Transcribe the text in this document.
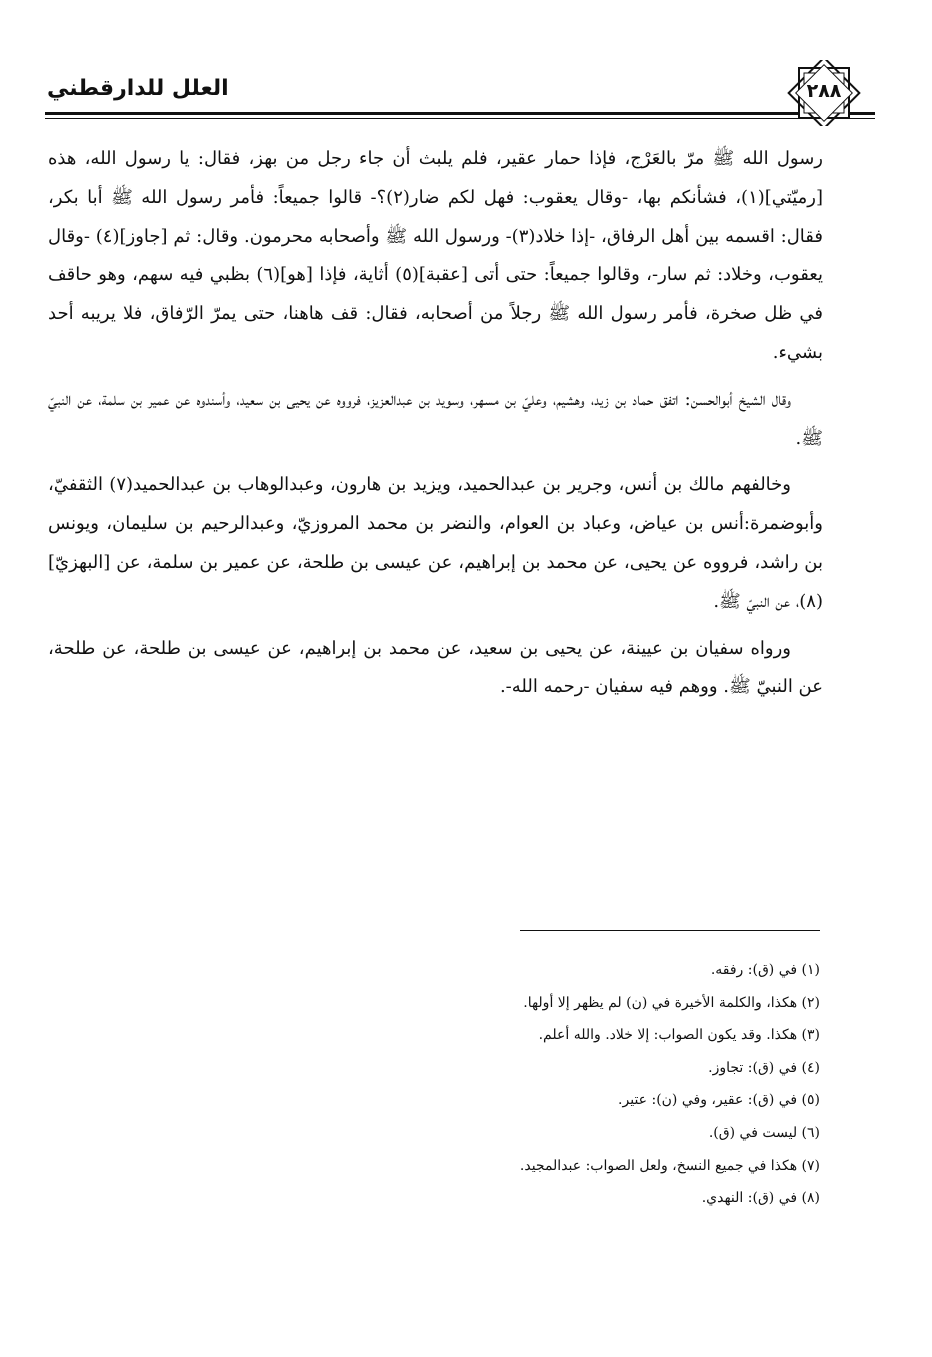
العلل للدارقطني	٢٨٨

رسول الله ﷺ مرّ بالعَرْج، فإذا حمار عقير، فلم يلبث أن جاء رجل من بهز، فقال: يا رسول الله، هذه [رميّتي](١)، فشأنكم بها، -وقال يعقوب: فهل لكم ضار(٢)؟- قالوا جميعاً: فأمر رسول الله ﷺ أبا بكر، فقال: اقسمه بين أهل الرفاق، -إذا خلاد(٣)- ورسول الله ﷺ وأصحابه محرمون. وقال: ثم [جاوز](٤) -وقال يعقوب، وخلاد: ثم سار-، وقالوا جميعاً: حتى أتى [عقبة](٥) أثاية، فإذا [هو](٦) بظبي فيه سهم، وهو حاقف في ظل صخرة، فأمر رسول الله ﷺ رجلاً من أصحابه، فقال: قف هاهنا، حتى يمرّ الرّفاق، فلا يريبه أحد بشيء.

وقال الشيخ أبوالحسن: اتفق حماد بن زيد، وهشيم، وعليّ بن مسهر، وسويد بن عبدالعزيز، فرووه عن يحيى بن سعيد، وأسندوه عن عمير بن سلمة، عن النبيّ ﷺ.

وخالفهم مالك بن أنس، وجرير بن عبدالحميد، ويزيد بن هارون، وعبدالوهاب بن عبدالحميد(٧) الثقفيّ، وأبوضمرة:أنس بن عياض، وعباد بن العوام، والنضر بن محمد المروزيّ، وعبدالرحيم بن سليمان، ويونس بن راشد، فرووه عن يحيى، عن محمد بن إبراهيم، عن عيسى بن طلحة، عن عمير بن سلمة، عن [البهزيّ](٨)، عن النبيّ ﷺ.

ورواه سفيان بن عيينة، عن يحيى بن سعيد، عن محمد بن إبراهيم، عن عيسى بن طلحة، عن طلحة، عن النبيّ ﷺ. ووهم فيه سفيان -رحمه الله-.

(١) في (ق): رفقه.
(٢) هكذا، والكلمة الأخيرة في (ن) لم يظهر إلا أولها.
(٣) هكذا. وقد يكون الصواب: إلا خلاد. والله أعلم.
(٤) في (ق): تجاوز.
(٥) في (ق): عقير، وفي (ن): عتير.
(٦) ليست في (ق).
(٧) هكذا في جميع النسخ، ولعل الصواب: عبدالمجيد.
(٨) في (ق): النهدي.
